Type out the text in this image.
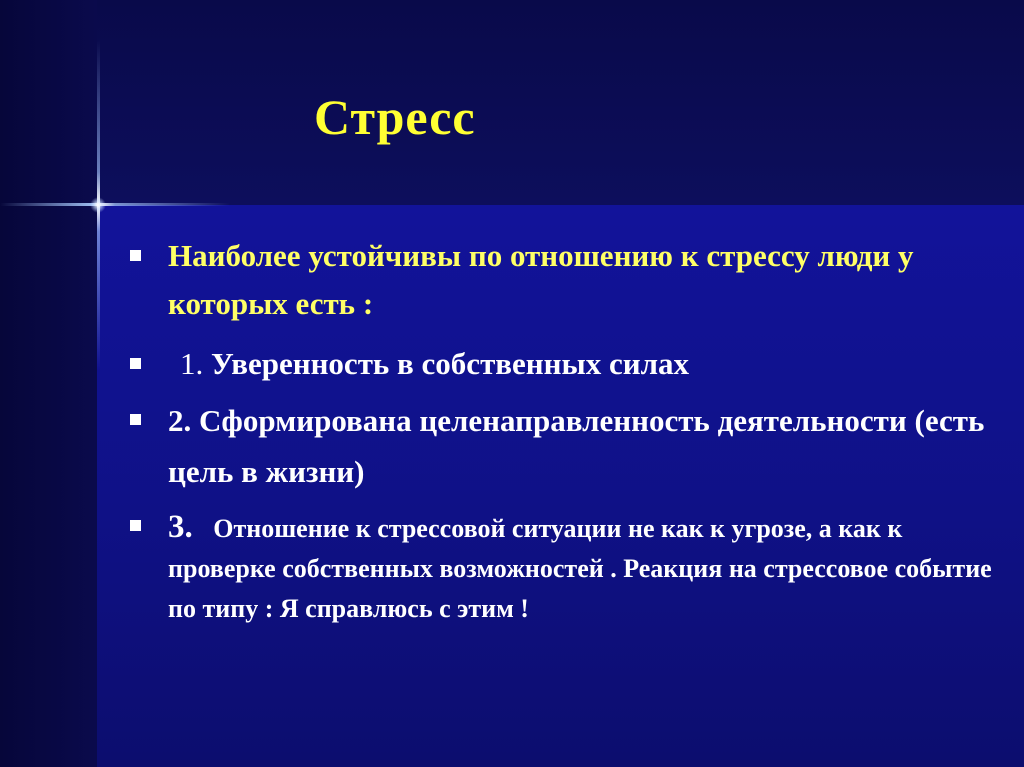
Стресс
Наиболее устойчивы по отношению к стрессу люди у которых есть :
1. Уверенность в собственных силах
2. Сформирована целенаправленность деятельности (есть цель в жизни)
3. Отношение к стрессовой ситуации не как к угрозе, а как к проверке собственных возможностей . Реакция на стрессовое событие по типу : Я справлюсь с этим !
